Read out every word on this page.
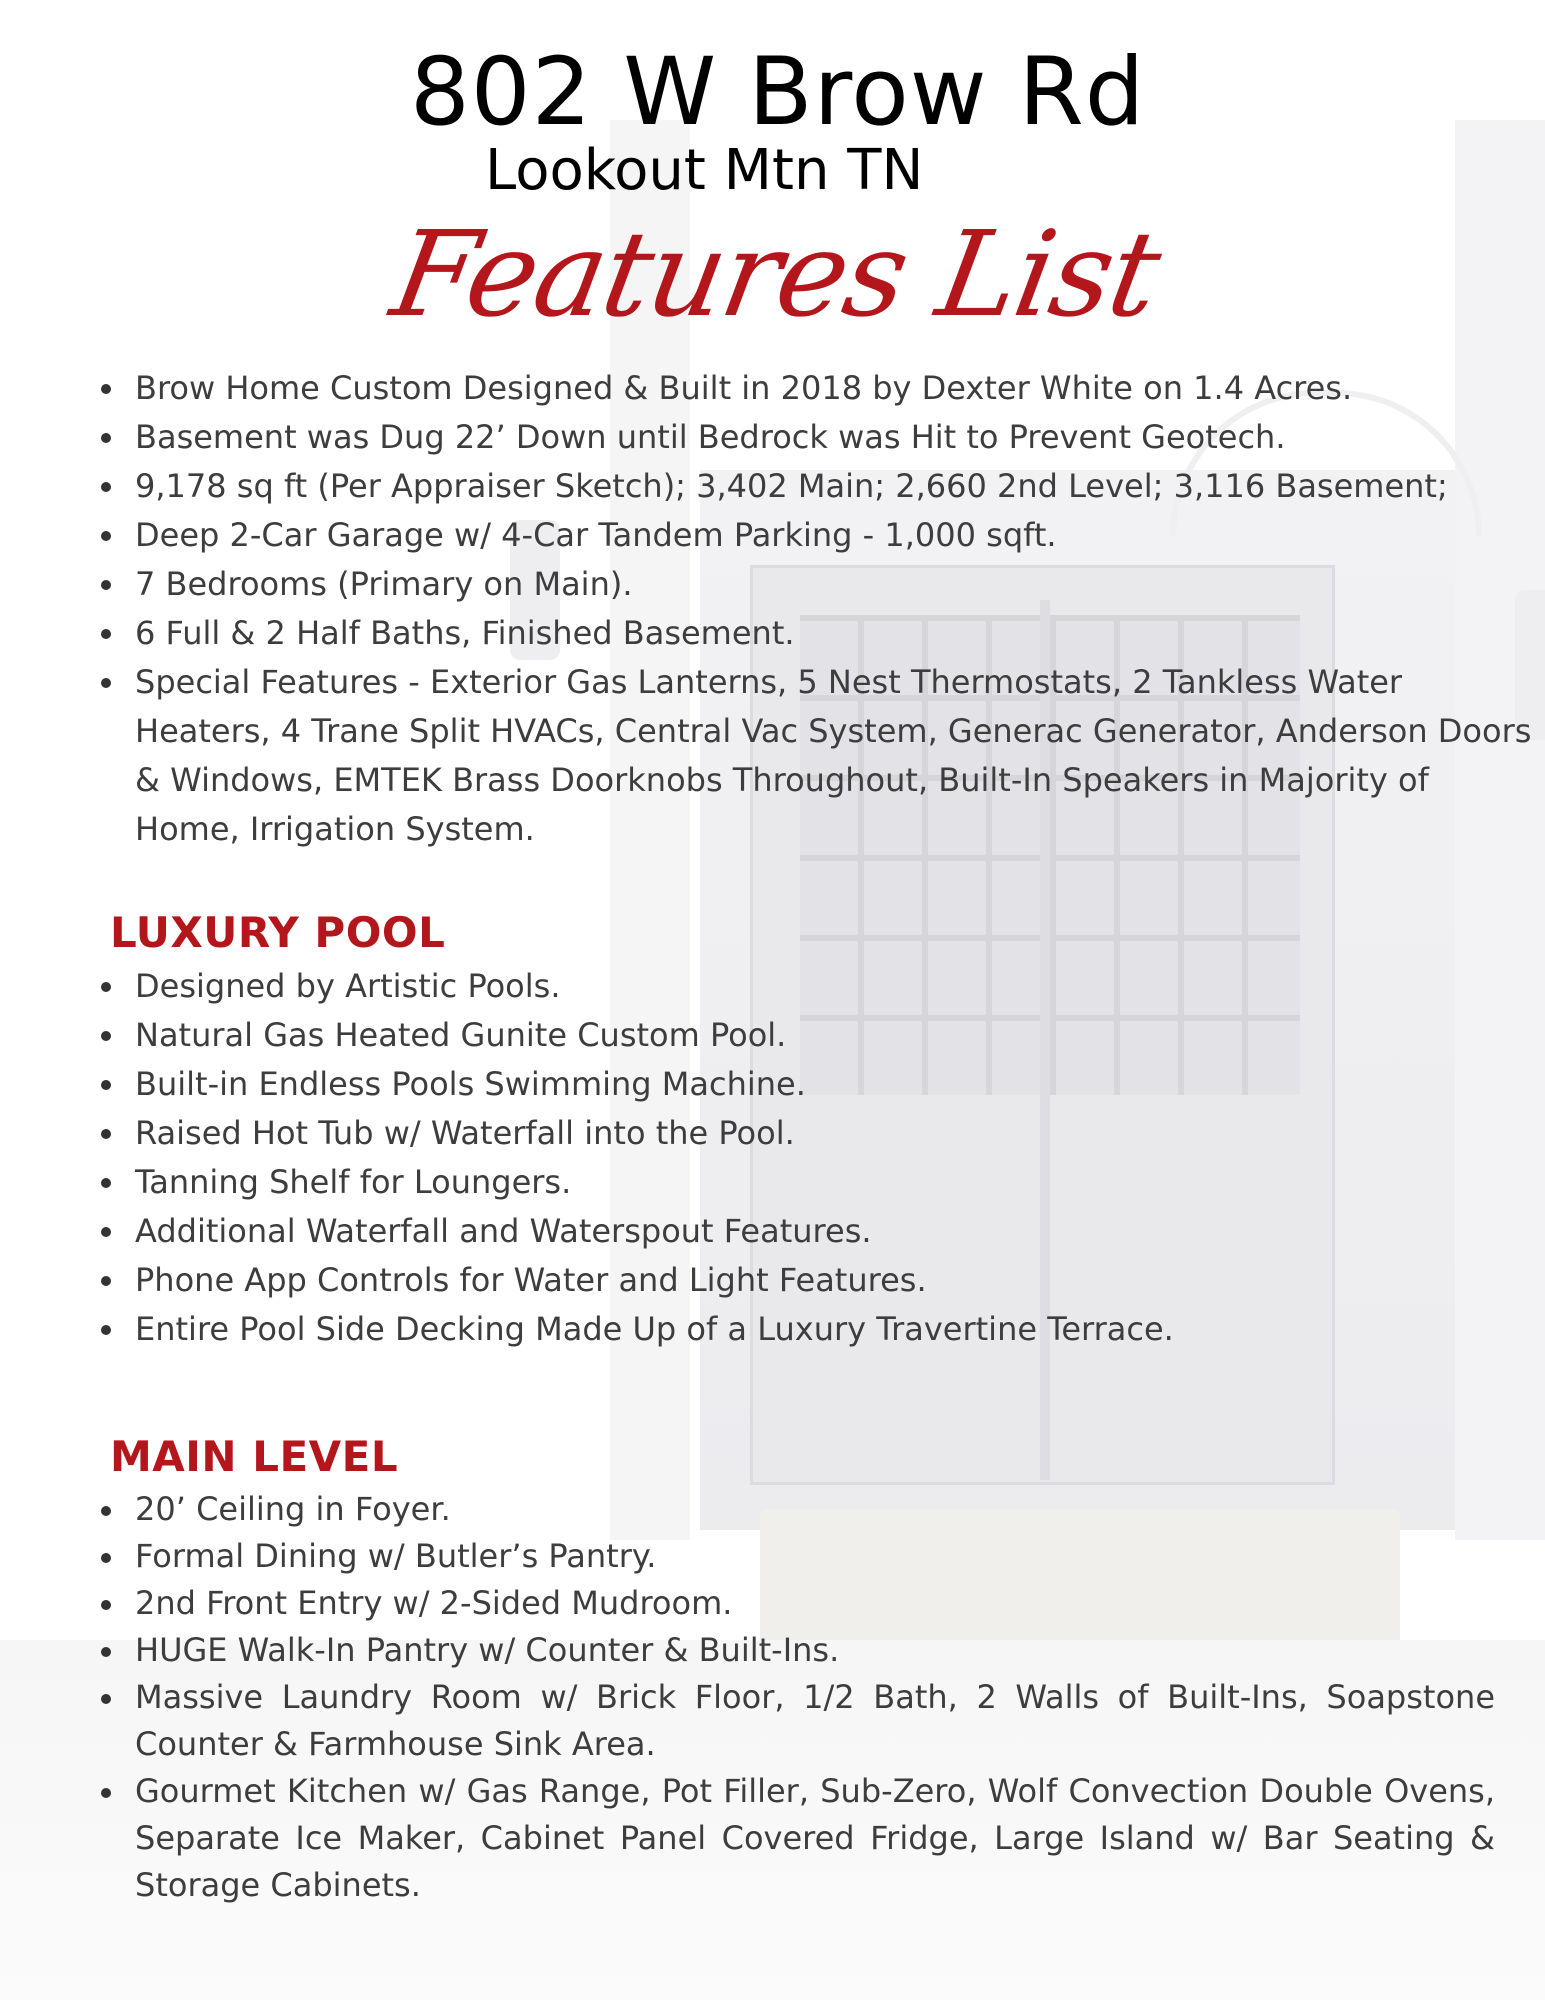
802 W Brow Rd
Lookout Mtn TN
Features List
Brow Home Custom Designed & Built in 2018 by Dexter White on 1.4 Acres.
Basement was Dug 22’ Down until Bedrock was Hit to Prevent Geotech.
9,178 sq ft (Per Appraiser Sketch); 3,402 Main; 2,660 2nd Level; 3,116 Basement;
Deep 2-Car Garage w/ 4-Car Tandem Parking - 1,000 sqft.
7 Bedrooms (Primary on Main).
6 Full & 2 Half Baths, Finished Basement.
Special Features - Exterior Gas Lanterns, 5 Nest Thermostats, 2 Tankless Water Heaters, 4 Trane Split HVACs, Central Vac System, Generac Generator, Anderson Doors & Windows, EMTEK Brass Doorknobs Throughout, Built-In Speakers in Majority of Home, Irrigation System.
LUXURY POOL
Designed by Artistic Pools.
Natural Gas Heated Gunite Custom Pool.
Built-in Endless Pools Swimming Machine.
Raised Hot Tub w/ Waterfall into the Pool.
Tanning Shelf for Loungers.
Additional Waterfall and Waterspout Features.
Phone App Controls for Water and Light Features.
Entire Pool Side Decking Made Up of a Luxury Travertine Terrace.
MAIN LEVEL
20’ Ceiling in Foyer.
Formal Dining w/ Butler’s Pantry.
2nd Front Entry w/ 2-Sided Mudroom.
HUGE Walk-In Pantry w/ Counter & Built-Ins.
Massive Laundry Room w/ Brick Floor, 1/2 Bath, 2 Walls of Built-Ins, Soapstone Counter & Farmhouse Sink Area.
Gourmet Kitchen w/ Gas Range, Pot Filler, Sub-Zero, Wolf Convection Double Ovens, Separate Ice Maker, Cabinet Panel Covered Fridge, Large Island w/ Bar Seating & Storage Cabinets.
